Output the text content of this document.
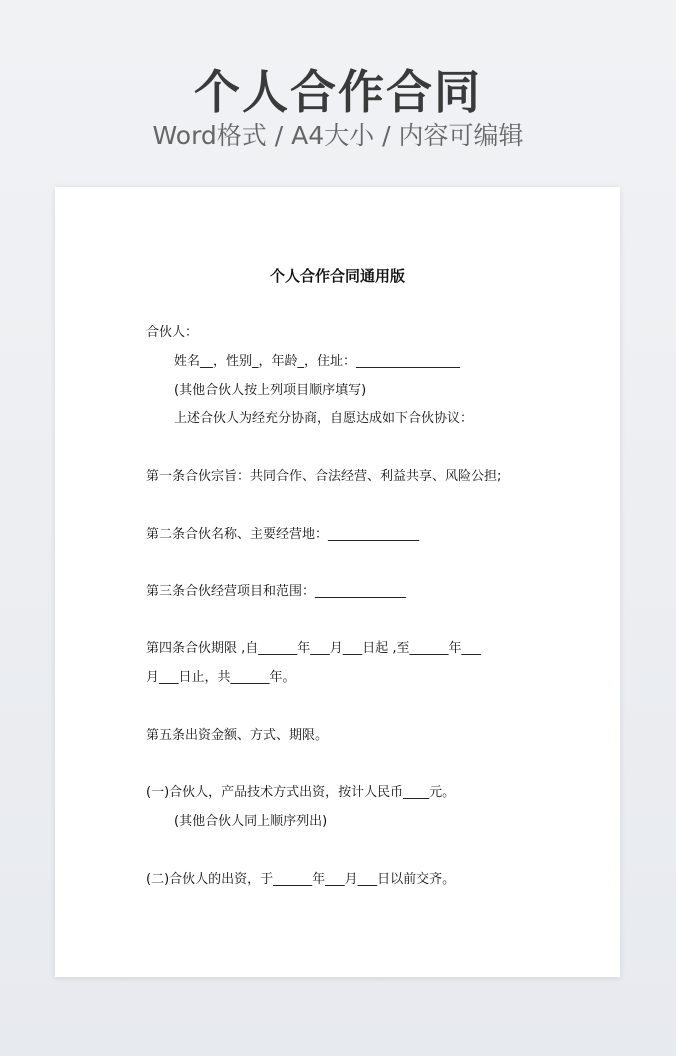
个人合作合同
Word格式 / A4大小 / 内容可编辑
个人合作合同通用版
合伙人：
姓名__，性别_，年龄_，住址：________________
(其他合伙人按上列项目顺序填写)
上述合伙人为经充分协商，自愿达成如下合伙协议：
第一条合伙宗旨：共同合作、合法经营、利益共享、风险公担;
第二条合伙名称、主要经营地：______________
第三条合伙经营项目和范围：______________
第四条合伙期限 ,自______年___月___日起 ,至______年___
月___日止，共______年。
第五条出资金额、方式、期限。
(一)合伙人，产品技术方式出资，按计人民币____元。
(其他合伙人同上顺序列出)
(二)合伙人的出资，于______年___月___日以前交齐。
